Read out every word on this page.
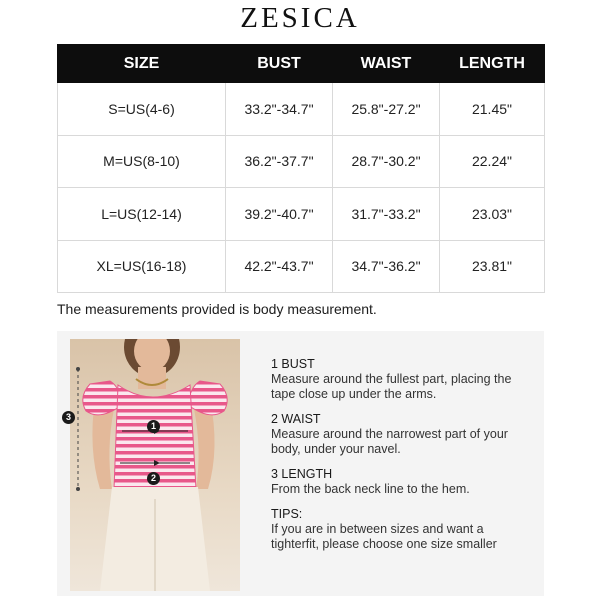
ZESICA
SIZE	BUST	WAIST	LENGTH
S=US(4-6)	33.2"-34.7"	25.8"-27.2"	21.45"
M=US(8-10)	36.2"-37.7"	28.7"-30.2"	22.24"
L=US(12-14)	39.2"-40.7"	31.7"-33.2"	23.03"
XL=US(16-18)	42.2"-43.7"	34.7"-36.2"	23.81"
The measurements provided is body measurement.
3
1
2
1 BUST
Measure around the fullest part, placing the tape close up under the arms.
2 WAIST
Measure around the narrowest part of your body, under your navel.
3 LENGTH
From the back neck line to the hem.
TIPS:
If you are in between sizes and want a tighterfit, please choose one size smaller
